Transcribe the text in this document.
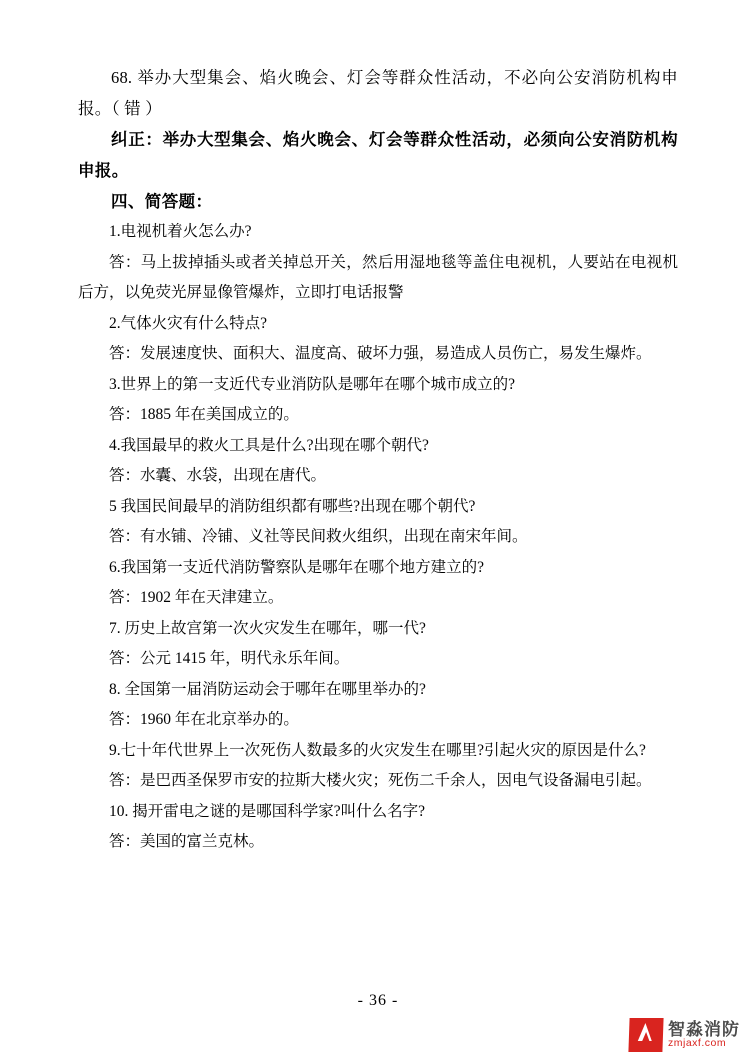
68. 举办大型集会、焰火晚会、灯会等群众性活动，不必向公安消防机构申报。（ 错 ）

纠正：举办大型集会、焰火晚会、灯会等群众性活动，必须向公安消防机构申报。

四、简答题：

1.电视机着火怎么办?

答：马上拔掉插头或者关掉总开关，然后用湿地毯等盖住电视机，人要站在电视机后方，以免荧光屏显像管爆炸，立即打电话报警

2.气体火灾有什么特点?

答：发展速度快、面积大、温度高、破坏力强，易造成人员伤亡，易发生爆炸。

3.世界上的第一支近代专业消防队是哪年在哪个城市成立的?

答：1885 年在美国成立的。

4.我国最早的救火工具是什么?出现在哪个朝代?

答：水囊、水袋，出现在唐代。

5 我国民间最早的消防组织都有哪些?出现在哪个朝代?

答：有水铺、冷铺、义社等民间救火组织，出现在南宋年间。

6.我国第一支近代消防警察队是哪年在哪个地方建立的?

答：1902 年在天津建立。

7. 历史上故宫第一次火灾发生在哪年，哪一代?

答：公元 1415 年，明代永乐年间。

8. 全国第一届消防运动会于哪年在哪里举办的?

答：1960 年在北京举办的。

9.七十年代世界上一次死伤人数最多的火灾发生在哪里?引起火灾的原因是什么?

答：是巴西圣保罗市安的拉斯大楼火灾；死伤二千余人，因电气设备漏电引起。

10. 揭开雷电之谜的是哪国科学家?叫什么名字?

答：美国的富兰克林。

- 36 -
智淼消防
zmjaxf.com
